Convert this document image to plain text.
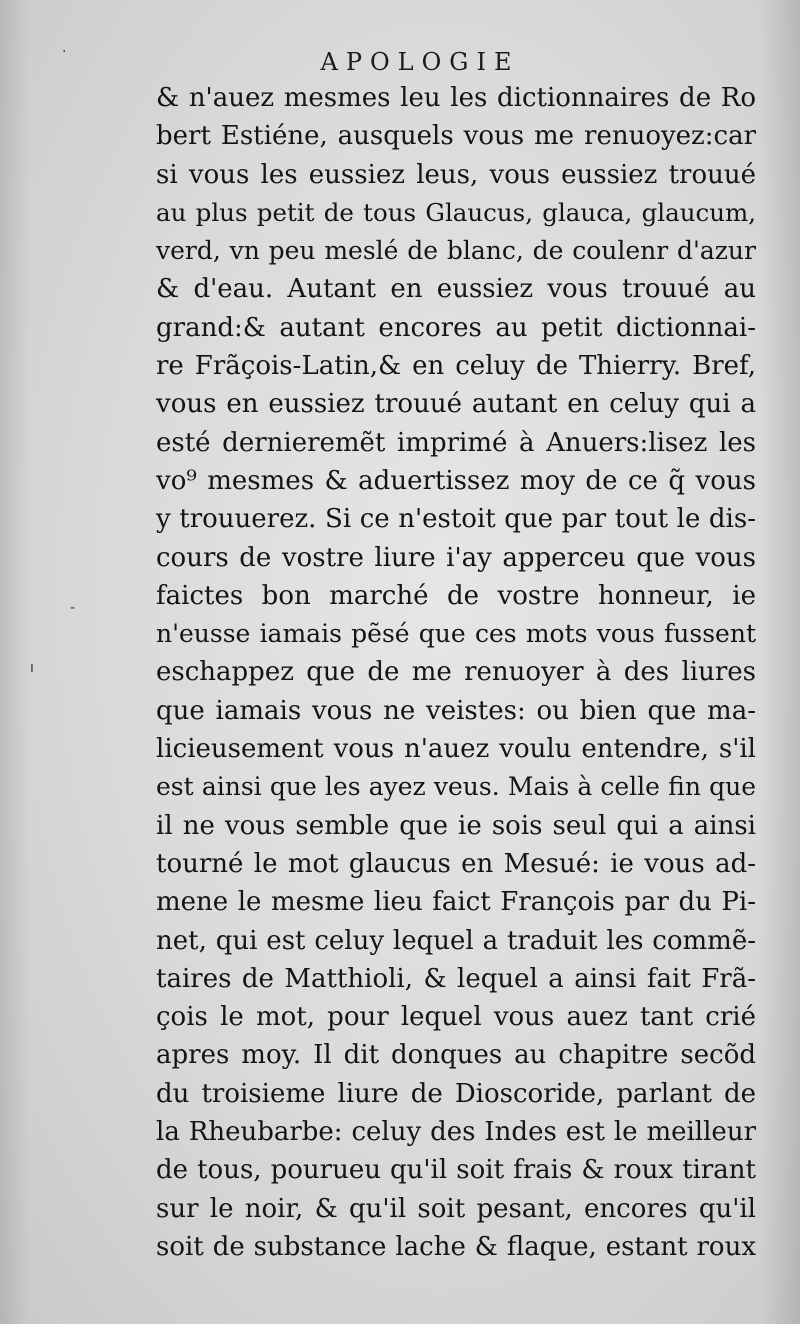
APOLOGIE
& n'auez mesmes leu les dictionnaires de Ro
bert Estiéne, ausquels vous me renuoyez:car
si vous les eussiez leus, vous eussiez trouué
au plus petit de tous Glaucus, glauca, glaucum,
verd, vn peu meslé de blanc, de coulenr d'azur
& d'eau. Autant en eussiez vous trouué au
grand:& autant encores au petit dictionnai-
re Frãçois-Latin,& en celuy de Thierry. Bref,
vous en eussiez trouué autant en celuy qui a
esté dernieremẽt imprimé à Anuers:lisez les
vo⁹ mesmes & aduertissez moy de ce q̃ vous
y trouuerez. Si ce n'estoit que par tout le dis-
cours de vostre liure i'ay apperceu que vous
faictes bon marché de vostre honneur, ie
n'eusse iamais pẽsé que ces mots vous fussent
eschappez que de me renuoyer à des liures
que iamais vous ne veistes: ou bien que ma-
licieusement vous n'auez voulu entendre, s'il
est ainsi que les ayez veus. Mais à celle fin que
il ne vous semble que ie sois seul qui a ainsi
tourné le mot glaucus en Mesué: ie vous ad-
mene le mesme lieu faict François par du Pi-
net, qui est celuy lequel a traduit les commẽ-
taires de Matthioli, & lequel a ainsi fait Frã-
çois le mot, pour lequel vous auez tant crié
apres moy. Il dit donques au chapitre secõd
du troisieme liure de Dioscoride, parlant de
la Rheubarbe: celuy des Indes est le meilleur
de tous, pourueu qu'il soit frais & roux tirant
sur le noir, & qu'il soit pesant, encores qu'il
soit de substance lache & flaque, estant roux
·
-
ı
